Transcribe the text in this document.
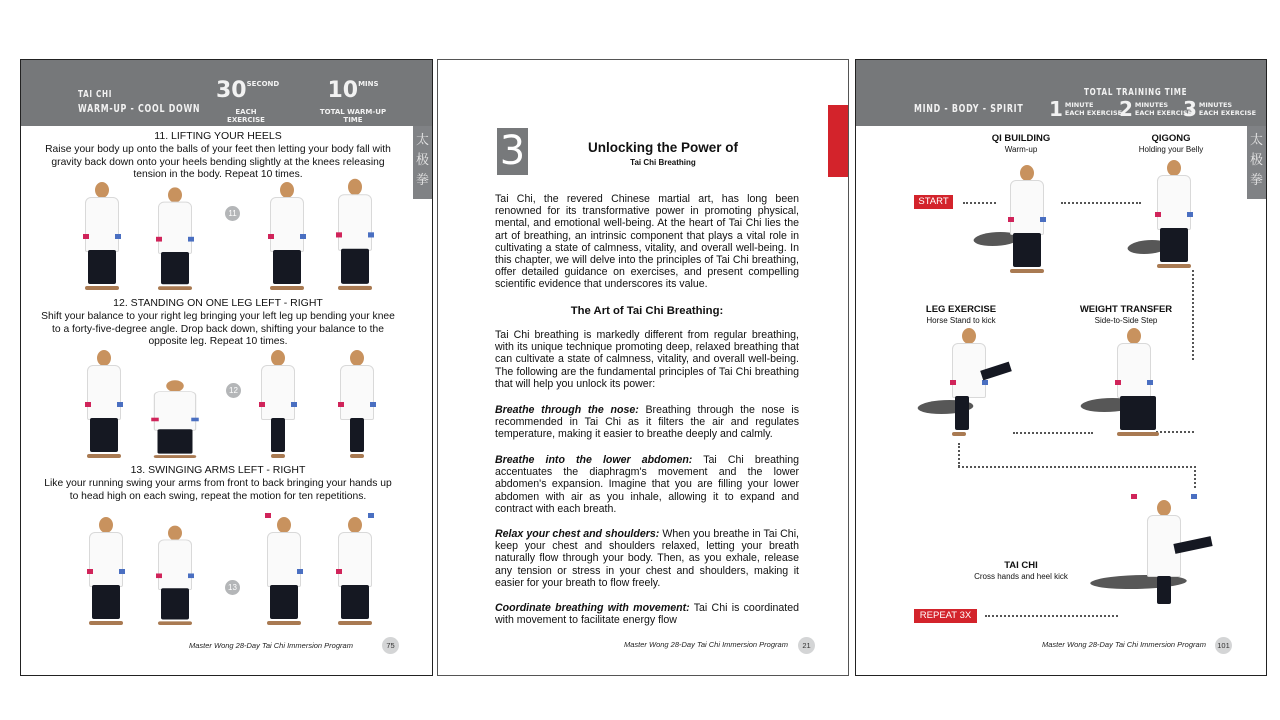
TAI CHI
WARM-UP - COOL DOWN
$30^{SECOND}$
EACH EXERCISE
$10^{MINS}$
TOTAL WARM-UP TIME
太 极 拳
11. LIFTING YOUR HEELS
Raise your body up onto the balls of your feet then letting your body fall with gravity back down onto your heels bending slightly at the knees releasing tension in the body. Repeat 10 times.
11
12. STANDING ON ONE LEG LEFT - RIGHT
Shift your balance to your right leg bringing your left leg up bending your knee to a forty-five-degree angle. Drop back down, shifting your balance to the opposite leg. Repeat 10 times.
12
13. SWINGING ARMS LEFT - RIGHT
Like your running swing your arms from front to back bringing your hands up to head high on each swing, repeat the motion for ten repetitions.
13
Master Wong 28-Day Tai Chi Immersion Program	75
3	Unlocking the Power of
Tai Chi Breathing
Tai Chi, the revered Chinese martial art, has long been renowned for its transformative power in promoting physical, mental, and emotional well-being. At the heart of Tai Chi lies the art of breathing, an intrinsic component that plays a vital role in cultivating a state of calmness, vitality, and overall well-being. In this chapter, we will delve into the principles of Tai Chi breathing, offer detailed guidance on exercises, and present compelling scientific evidence that underscores its value.
The Art of Tai Chi Breathing:
Tai Chi breathing is markedly different from regular breathing, with its unique technique promoting deep, relaxed breathing that can cultivate a state of calmness, vitality, and overall well-being. The following are the fundamental principles of Tai Chi breathing that will help you unlock its power:
Breathe through the nose: Breathing through the nose is recommended in Tai Chi as it filters the air and regulates temperature, making it easier to breathe deeply and calmly.
Breathe into the lower abdomen: Tai Chi breathing accentuates the diaphragm's movement and the lower abdomen's expansion. Imagine that you are filling your lower abdomen with air as you inhale, allowing it to expand and contract with each breath.
Relax your chest and shoulders: When you breathe in Tai Chi, keep your chest and shoulders relaxed, letting your breath naturally flow through your body. Then, as you exhale, release any tension or stress in your chest and shoulders, making it easier for your breath to flow freely.
Coordinate breathing with movement: Tai Chi is coordinated with movement to facilitate energy flow
Master Wong 28-Day Tai Chi Immersion Program	21
MIND - BODY - SPIRIT
TOTAL TRAINING TIME
1 MINUTE
EACH EXERCISE
2 MINUTES
EACH EXERCISE
3 MINUTES
EACH EXERCISE
太 极 拳
QI BUILDING
Warm-up
START
QIGONG
Holding your Belly
WEIGHT TRANSFER
Side-to-Side Step
LEG EXERCISE
Horse Stand to kick
TAI CHI
Cross hands and heel kick
REPEAT 3X
Master Wong 28-Day Tai Chi Immersion Program 101
